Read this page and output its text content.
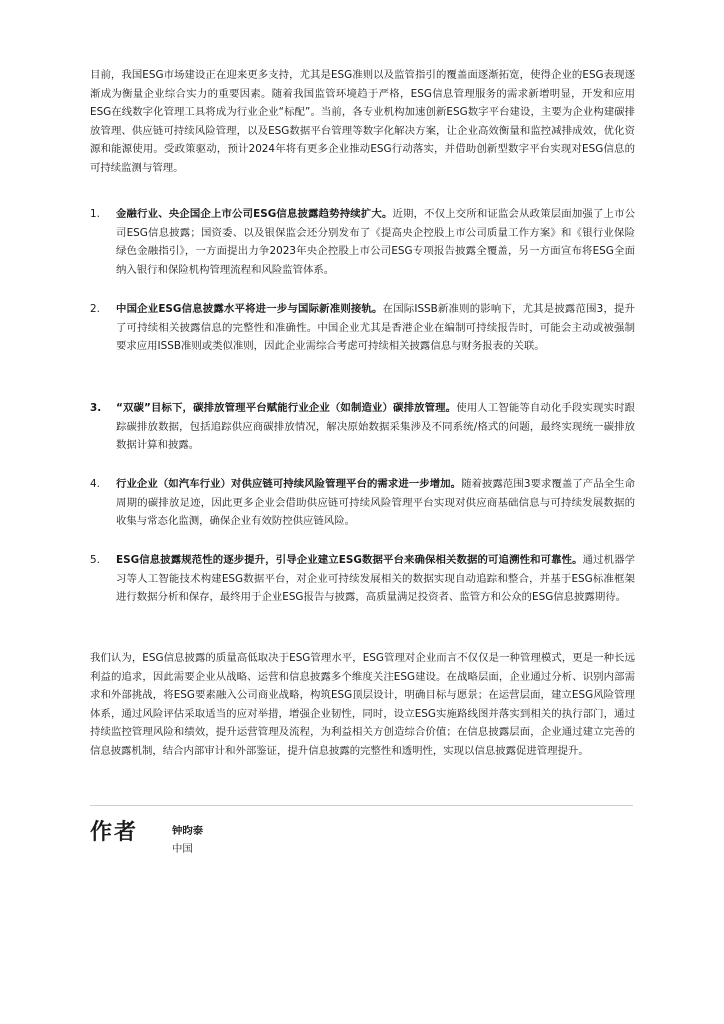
目前，我国ESG市场建设正在迎来更多支持，尤其是ESG准则以及监管指引的覆盖面逐渐拓宽，使得企业的ESG表现逐渐成为衡量企业综合实力的重要因素。随着我国监管环境趋于严格，ESG信息管理服务的需求新增明显，开发和应用ESG在线数字化管理工具将成为行业企业“标配”。当前，各专业机构加速创新ESG数字平台建设，主要为企业构建碳排放管理、供应链可持续风险管理，以及ESG数据平台管理等数字化解决方案，让企业高效衡量和监控减排成效，优化资源和能源使用。受政策驱动，预计2024年将有更多企业推动ESG行动落实，并借助创新型数字平台实现对ESG信息的可持续监测与管理。

1. 金融行业、央企国企上市公司ESG信息披露趋势持续扩大。近期，不仅上交所和证监会从政策层面加强了上市公司ESG信息披露；国资委、以及银保监会还分别发布了《提高央企控股上市公司质量工作方案》和《银行业保险绿色金融指引》，一方面提出力争2023年央企控股上市公司ESG专项报告披露全覆盖，另一方面宣布将ESG全面纳入银行和保险机构管理流程和风险监管体系。
2. 中国企业ESG信息披露水平将进一步与国际新准则接轨。在国际ISSB新准则的影响下，尤其是披露范围3，提升了可持续相关披露信息的完整性和准确性。中国企业尤其是香港企业在编制可持续报告时，可能会主动或被强制要求应用ISSB准则或类似准则，因此企业需综合考虑可持续相关披露信息与财务报表的关联。
3. “双碳”目标下，碳排放管理平台赋能行业企业（如制造业）碳排放管理。使用人工智能等自动化手段实现实时跟踪碳排放数据，包括追踪供应商碳排放情况，解决原始数据采集涉及不同系统/格式的问题，最终实现统一碳排放数据计算和披露。
4. 行业企业（如汽车行业）对供应链可持续风险管理平台的需求进一步增加。随着披露范围3要求覆盖了产品全生命周期的碳排放足迹，因此更多企业会借助供应链可持续风险管理平台实现对供应商基础信息与可持续发展数据的收集与常态化监测，确保企业有效防控供应链风险。
5. ESG信息披露规范性的逐步提升，引导企业建立ESG数据平台来确保相关数据的可追溯性和可靠性。通过机器学习等人工智能技术构建ESG数据平台，对企业可持续发展相关的数据实现自动追踪和整合，并基于ESG标准框架进行数据分析和保存，最终用于企业ESG报告与披露，高质量满足投资者、监管方和公众的ESG信息披露期待。

我们认为，ESG信息披露的质量高低取决于ESG管理水平，ESG管理对企业而言不仅仅是一种管理模式，更是一种长远利益的追求，因此需要企业从战略、运营和信息披露多个维度关注ESG建设。在战略层面，企业通过分析、识别内部需求和外部挑战，将ESG要素融入公司商业战略，构筑ESG顶层设计，明确目标与愿景；在运营层面，建立ESG风险管理体系，通过风险评估采取适当的应对举措，增强企业韧性，同时，设立ESG实施路线图并落实到相关的执行部门，通过持续监控管理风险和绩效，提升运营管理及流程，为利益相关方创造综合价值；在信息披露层面，企业通过建立完善的信息披露机制，结合内部审计和外部鉴证，提升信息披露的完整性和透明性，实现以信息披露促进管理提升。

作者	钟昀泰

中国
